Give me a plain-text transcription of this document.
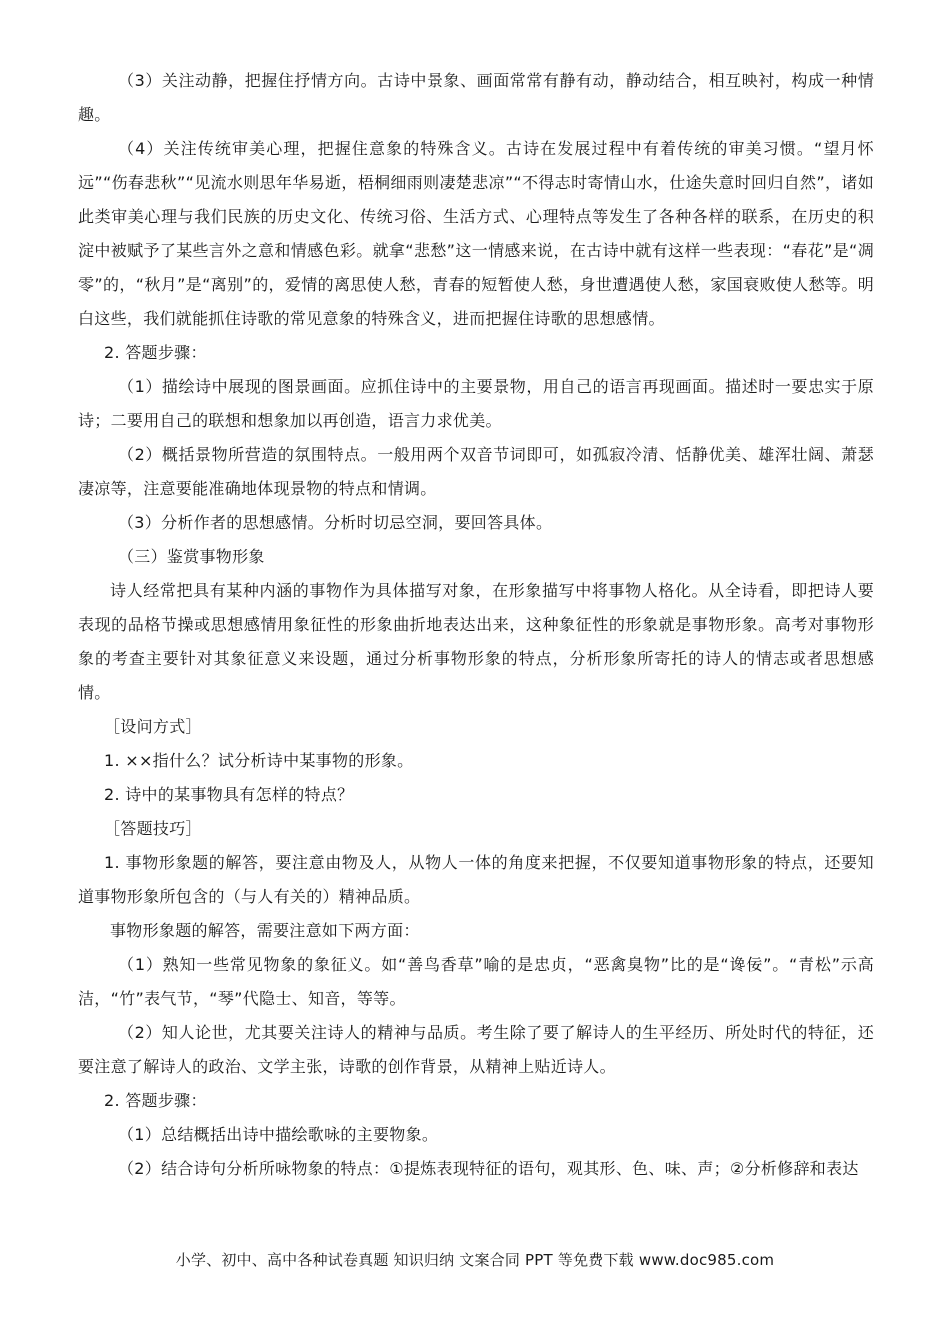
（3）关注动静，把握住抒情方向。古诗中景象、画面常常有静有动，静动结合，相互映衬，构成一种情趣。

（4）关注传统审美心理，把握住意象的特殊含义。古诗在发展过程中有着传统的审美习惯。“望月怀远”“伤春悲秋”“见流水则思年华易逝，梧桐细雨则凄楚悲凉”“不得志时寄情山水，仕途失意时回归自然”，诸如此类审美心理与我们民族的历史文化、传统习俗、生活方式、心理特点等发生了各种各样的联系，在历史的积淀中被赋予了某些言外之意和情感色彩。就拿“悲愁”这一情感来说，在古诗中就有这样一些表现：“春花”是“凋零”的，“秋月”是“离别”的，爱情的离思使人愁，青春的短暂使人愁，身世遭遇使人愁，家国衰败使人愁等。明白这些，我们就能抓住诗歌的常见意象的特殊含义，进而把握住诗歌的思想感情。

2. 答题步骤：

（1）描绘诗中展现的图景画面。应抓住诗中的主要景物，用自己的语言再现画面。描述时一要忠实于原诗；二要用自己的联想和想象加以再创造，语言力求优美。

（2）概括景物所营造的氛围特点。一般用两个双音节词即可，如孤寂冷清、恬静优美、雄浑壮阔、萧瑟凄凉等，注意要能准确地体现景物的特点和情调。

（3）分析作者的思想感情。分析时切忌空洞，要回答具体。

（三）鉴赏事物形象

诗人经常把具有某种内涵的事物作为具体描写对象，在形象描写中将事物人格化。从全诗看，即把诗人要表现的品格节操或思想感情用象征性的形象曲折地表达出来，这种象征性的形象就是事物形象。高考对事物形象的考查主要针对其象征意义来设题，通过分析事物形象的特点，分析形象所寄托的诗人的情志或者思想感情。

［设问方式］

1. ××指什么？试分析诗中某事物的形象。

2. 诗中的某事物具有怎样的特点？

［答题技巧］

1. 事物形象题的解答，要注意由物及人，从物人一体的角度来把握，不仅要知道事物形象的特点，还要知道事物形象所包含的（与人有关的）精神品质。

事物形象题的解答，需要注意如下两方面：

（1）熟知一些常见物象的象征义。如“善鸟香草”喻的是忠贞，“恶禽臭物”比的是“谗佞”。“青松”示高洁，“竹”表气节，“琴”代隐士、知音，等等。

（2）知人论世，尤其要关注诗人的精神与品质。考生除了要了解诗人的生平经历、所处时代的特征，还要注意了解诗人的政治、文学主张，诗歌的创作背景，从精神上贴近诗人。

2. 答题步骤：

（1）总结概括出诗中描绘歌咏的主要物象。

（2）结合诗句分析所咏物象的特点：①提炼表现特征的语句，观其形、色、味、声；②分析修辞和表达

小学、初中、高中各种试卷真题 知识归纳 文案合同 PPT 等免费下载 www.doc985.com
